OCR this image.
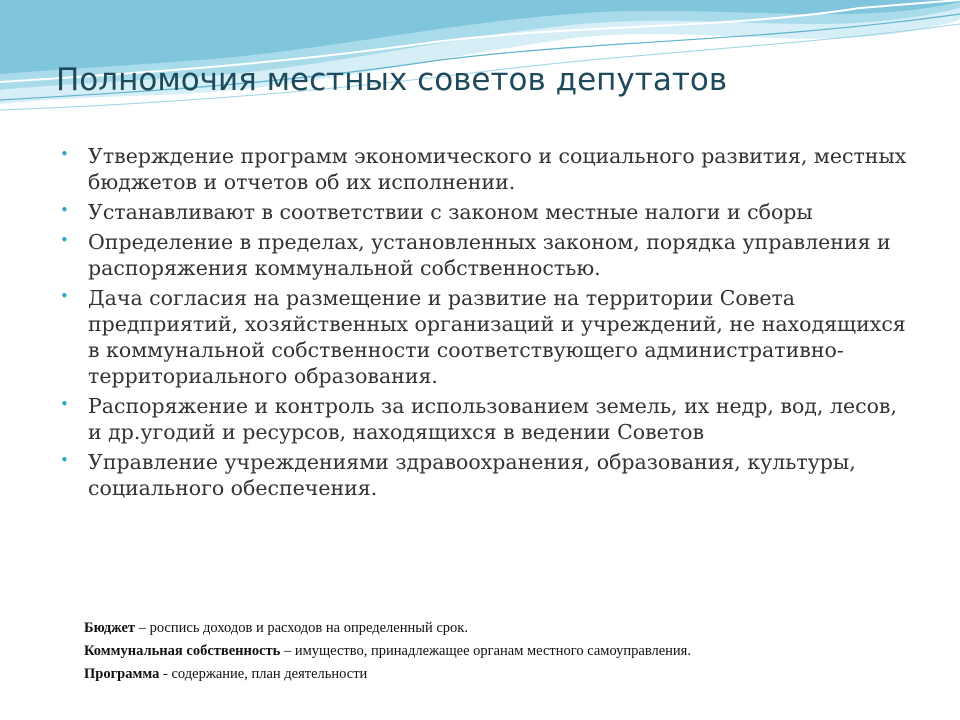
Полномочия местных советов депутатов
• Утверждение программ экономического и социального развития, местных бюджетов и отчетов об их исполнении.
• Устанавливают в соответствии с законом местные налоги и сборы
• Определение в пределах, установленных законом, порядка управления и распоряжения коммунальной собственностью.
• Дача согласия на размещение и развитие на территории Совета предприятий, хозяйственных организаций и учреждений, не находящихся в коммунальной собственности соответствующего административно-территориального образования.
• Распоряжение и контроль за использованием земель, их недр, вод, лесов, и др.угодий и ресурсов, находящихся в ведении Советов
• Управление учреждениями здравоохранения, образования, культуры, социального обеспечения.
Бюджет – роспись доходов и расходов на определенный срок.
Коммунальная собственность – имущество, принадлежащее органам местного самоуправления.
Программа - содержание, план деятельности
